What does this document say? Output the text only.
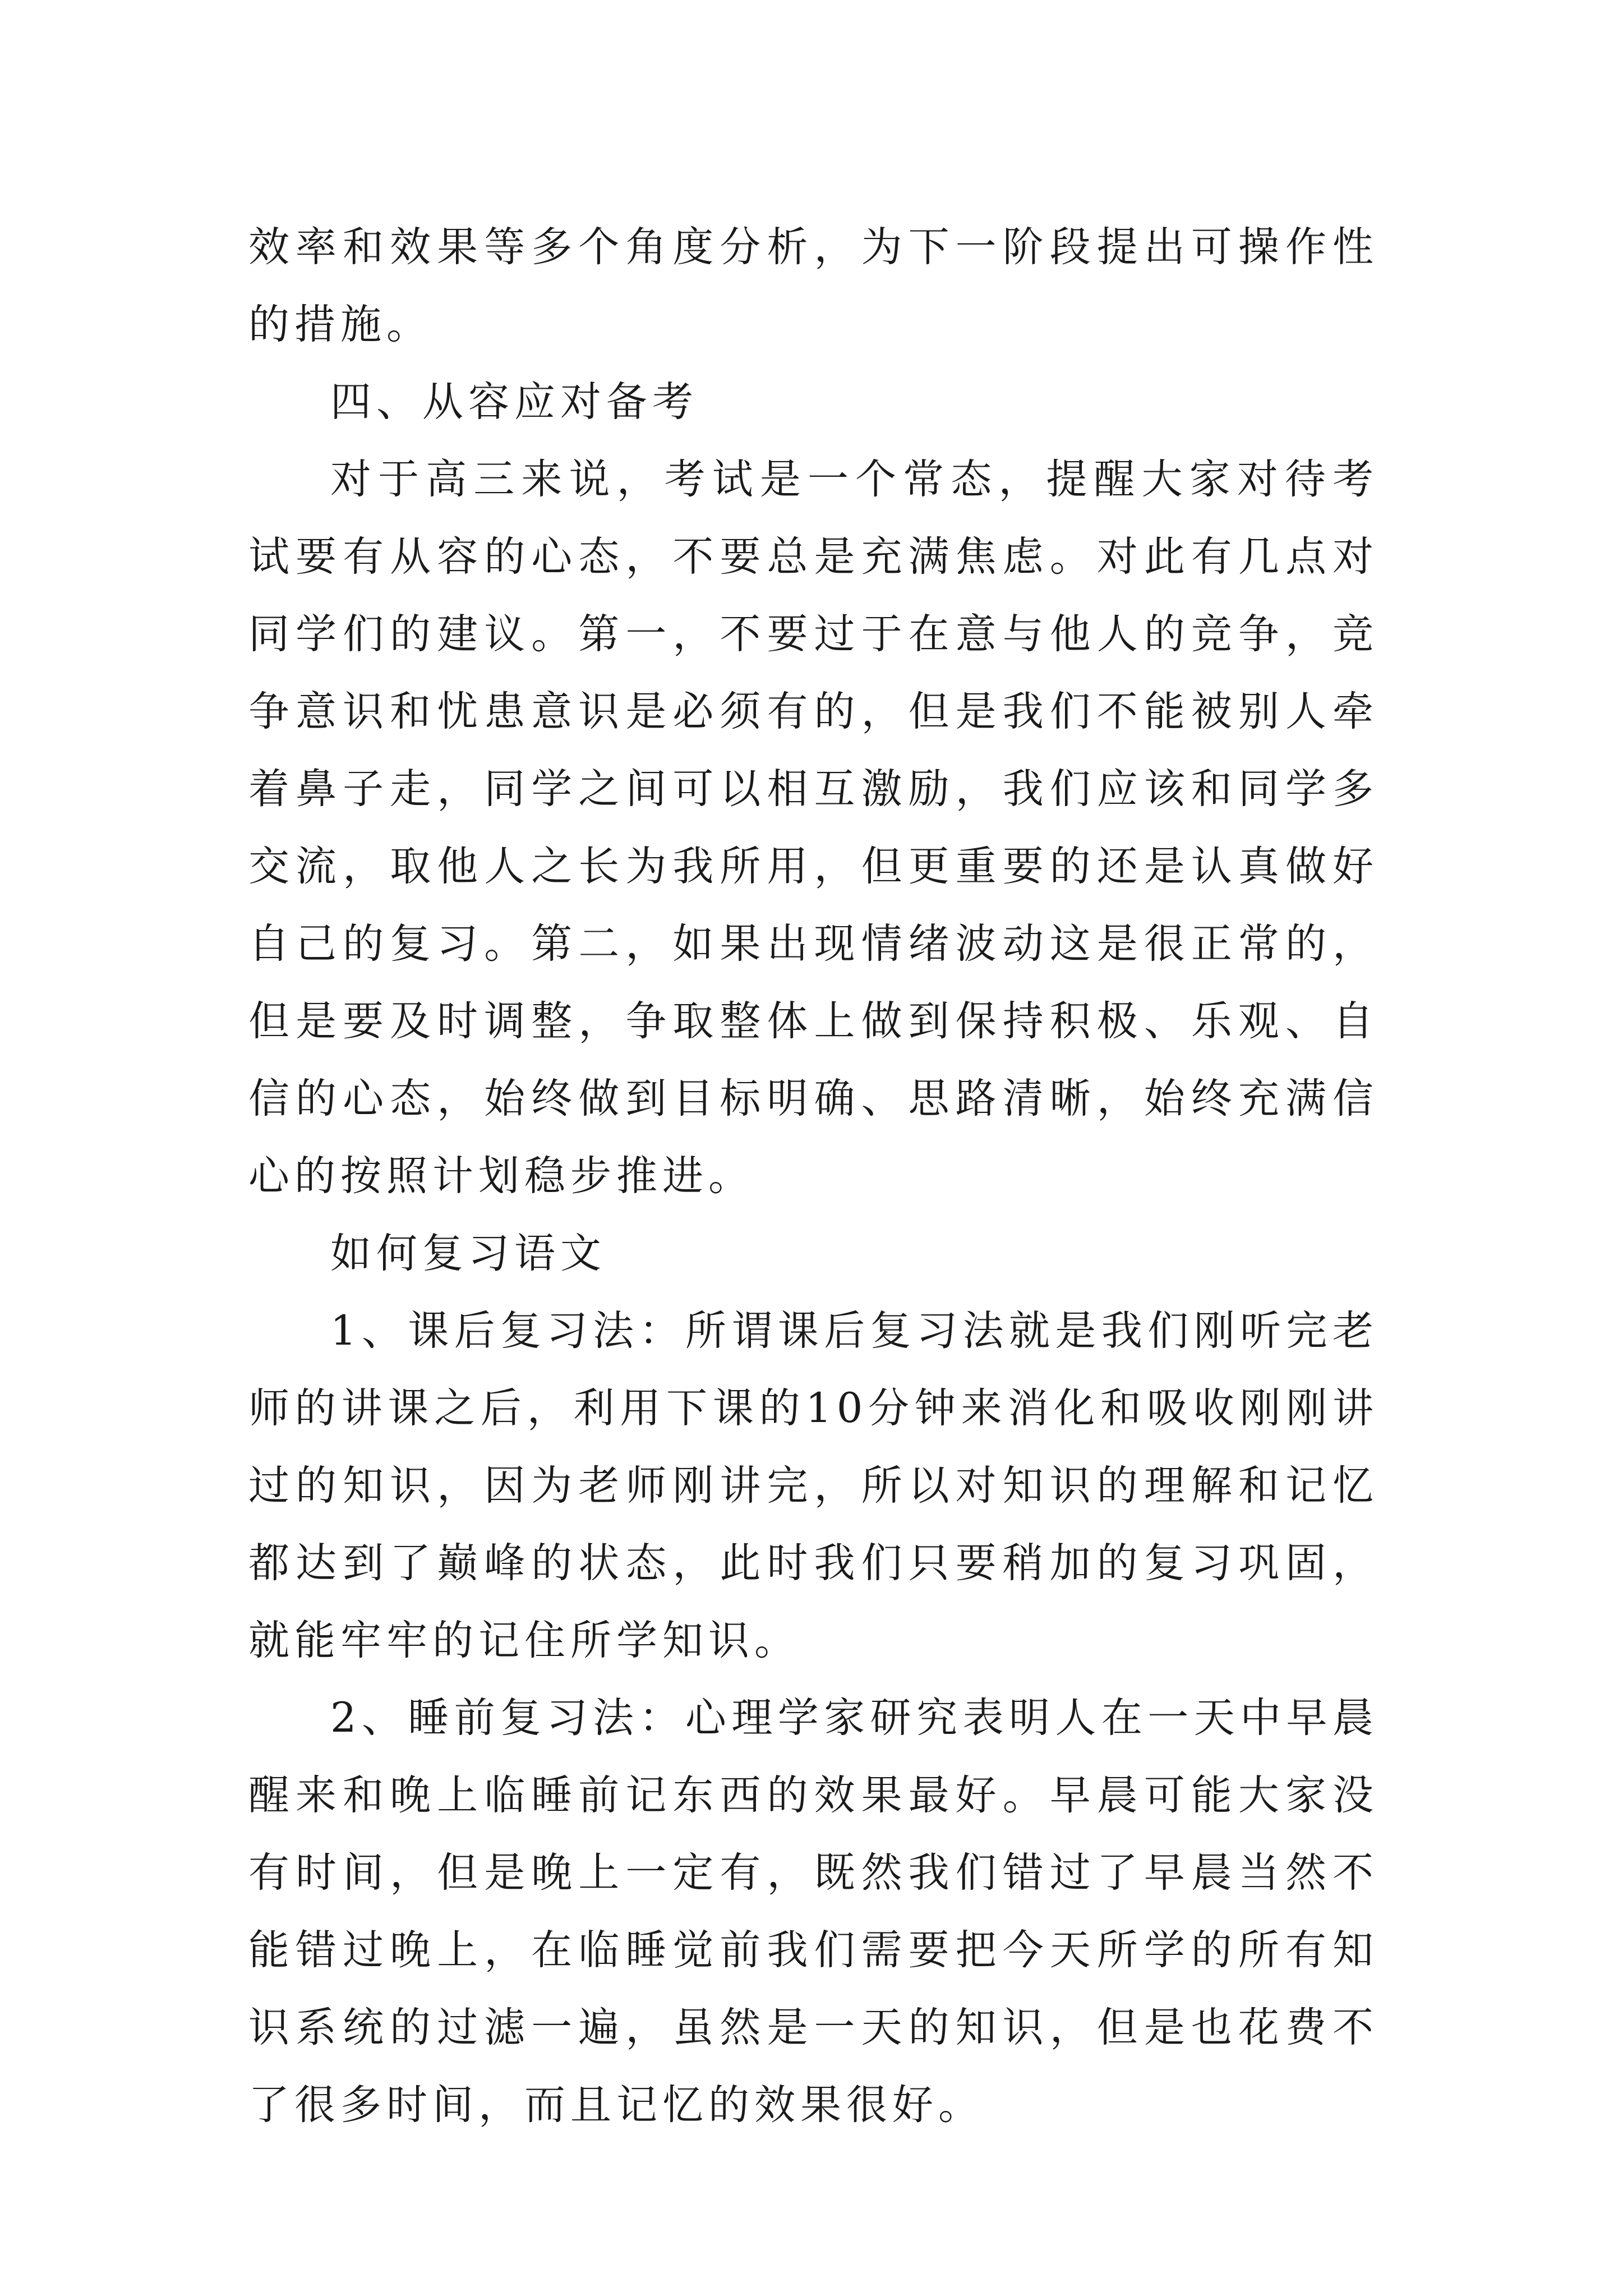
效率和效果等多个角度分析，为下一阶段提出可操作性的措施。

四、从容应对备考

对于高三来说，考试是一个常态，提醒大家对待考试要有从容的心态，不要总是充满焦虑。对此有几点对同学们的建议。第一，不要过于在意与他人的竞争，竞争意识和忧患意识是必须有的，但是我们不能被别人牵着鼻子走，同学之间可以相互激励，我们应该和同学多交流，取他人之长为我所用，但更重要的还是认真做好自己的复习。第二，如果出现情绪波动这是很正常的，但是要及时调整，争取整体上做到保持积极、乐观、自信的心态，始终做到目标明确、思路清晰，始终充满信心的按照计划稳步推进。

如何复习语文

1、课后复习法：所谓课后复习法就是我们刚听完老师的讲课之后，利用下课的10分钟来消化和吸收刚刚讲过的知识，因为老师刚讲完，所以对知识的理解和记忆都达到了巅峰的状态，此时我们只要稍加的复习巩固，就能牢牢的记住所学知识。

2、睡前复习法：心理学家研究表明人在一天中早晨醒来和晚上临睡前记东西的效果最好。早晨可能大家没有时间，但是晚上一定有，既然我们错过了早晨当然不能错过晚上，在临睡觉前我们需要把今天所学的所有知识系统的过滤一遍，虽然是一天的知识，但是也花费不了很多时间，而且记忆的效果很好。
